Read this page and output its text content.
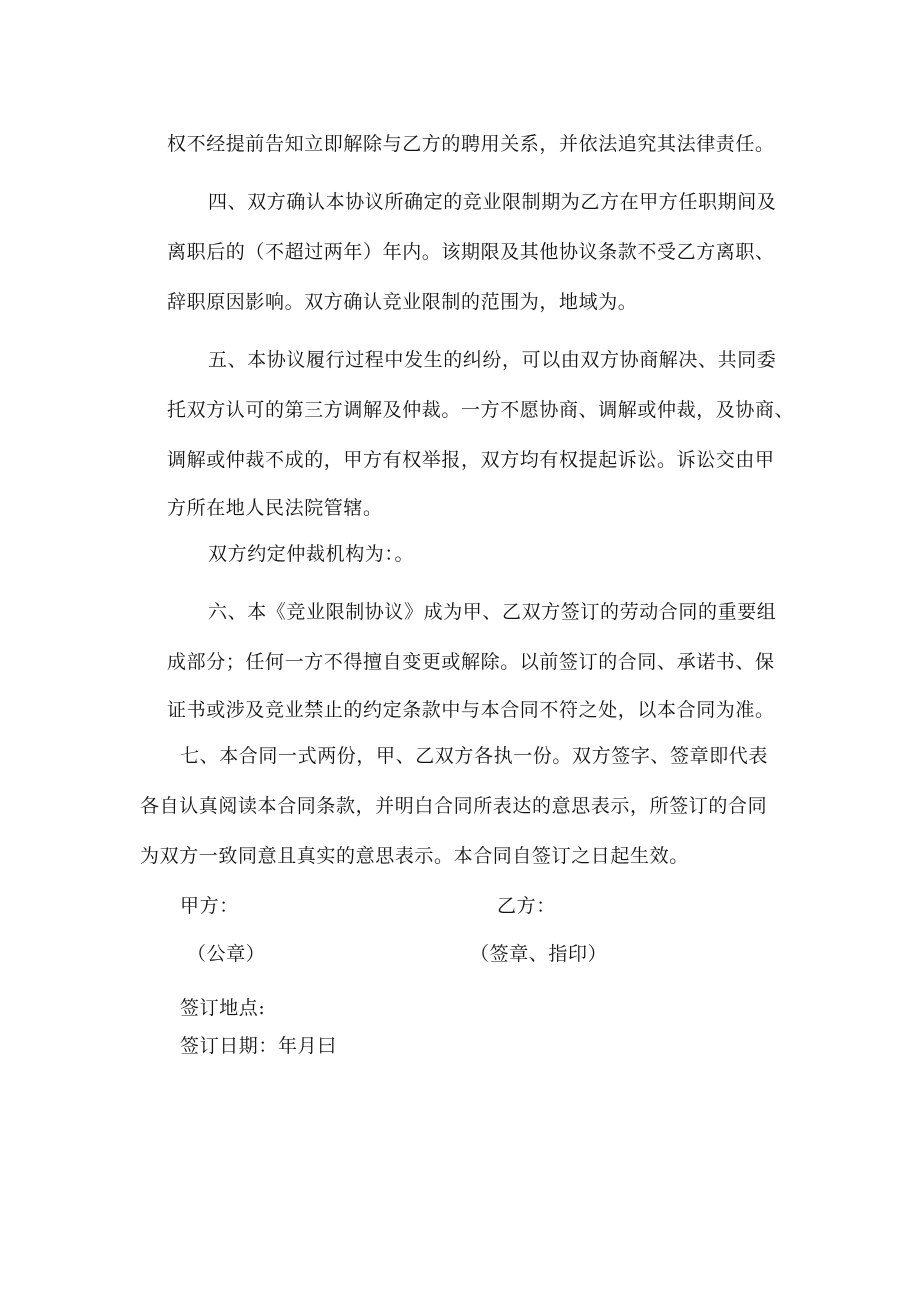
权不经提前告知立即解除与乙方的聘用关系，并依法追究其法律责任。
四、双方确认本协议所确定的竞业限制期为乙方在甲方任职期间及
离职后的（不超过两年）年内。该期限及其他协议条款不受乙方离职、
辞职原因影响。双方确认竞业限制的范围为，地域为。
五、本协议履行过程中发生的纠纷，可以由双方协商解决、共同委
托双方认可的第三方调解及仲裁。一方不愿协商、调解或仲裁，及协商、
调解或仲裁不成的，甲方有权举报，双方均有权提起诉讼。诉讼交由甲
方所在地人民法院管辖。
双方约定仲裁机构为：。
六、本《竞业限制协议》成为甲、乙双方签订的劳动合同的重要组
成部分；任何一方不得擅自变更或解除。以前签订的合同、承诺书、保
证书或涉及竞业禁止的约定条款中与本合同不符之处，以本合同为准。
七、本合同一式两份，甲、乙双方各执一份。双方签字、签章即代表
各自认真阅读本合同条款，并明白合同所表达的意思表示，所签订的合同
为双方一致同意且真实的意思表示。本合同自签订之日起生效。
甲方：	乙方：
（公章）	（签章、指印）
签订地点:
签订日期：年月曰
